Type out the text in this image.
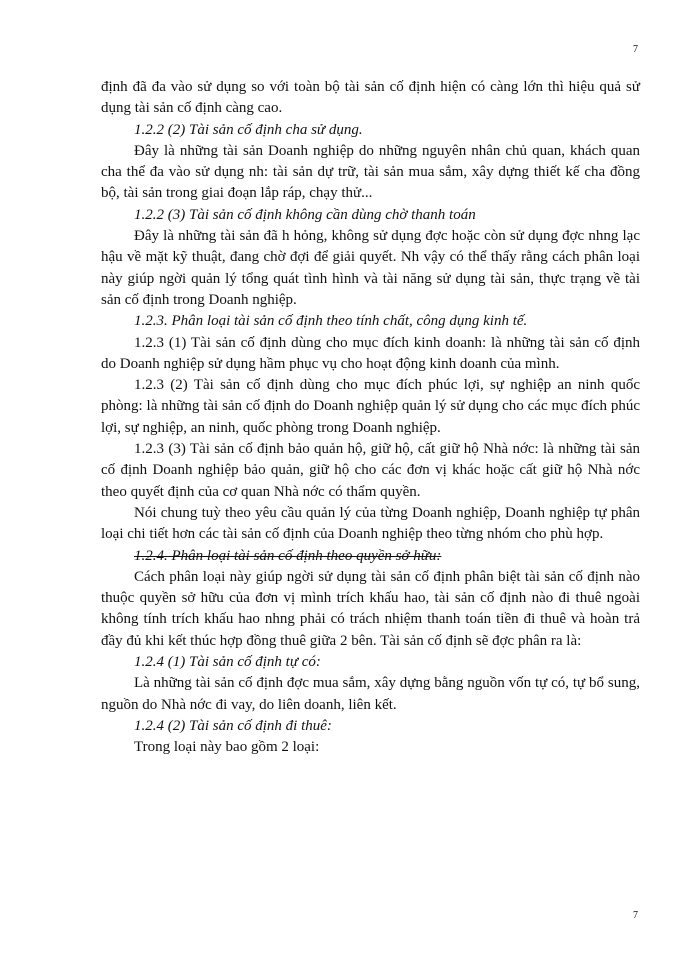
7

định đã đa vào sử dụng so với toàn bộ tài sản cố định hiện có càng lớn thì hiệu quả sử dụng tài sản cố định càng cao.

1.2.2 (2) Tài sản cố định cha sử dụng.

Đây là những tài sản Doanh nghiệp do những nguyên nhân chủ quan, khách quan cha thể đa vào sử dụng nh: tài sản dự trữ, tài sản mua sắm, xây dựng thiết kế cha đồng bộ, tài sản trong giai đoạn lắp ráp, chạy thử...

1.2.2 (3) Tài sản cố định không cần dùng chờ thanh toán

Đây là những tài sản đã h hỏng, không sử dụng đợc hoặc còn sử dụng đợc nhng lạc hậu về mặt kỹ thuật, đang chờ đợi để giải quyết. Nh vậy có thể thấy rằng cách phân loại này giúp ngời quản lý tổng quát tình hình và tài năng sử dụng tài sản, thực trạng về tài sản cố định trong Doanh nghiệp.

1.2.3. Phân loại tài sản cố định theo tính chất, công dụng kinh tế.

1.2.3 (1) Tài sản cố định dùng cho mục đích kinh doanh: là những tài sản cố định do Doanh nghiệp sử dụng hầm phục vụ cho hoạt động kinh doanh của mình.

1.2.3 (2) Tài sản cố định dùng cho mục đích phúc lợi, sự nghiệp an ninh quốc phòng: là những tài sản cố định do Doanh nghiệp quản lý sử dụng cho các mục đích phúc lợi, sự nghiệp, an ninh, quốc phòng trong Doanh nghiệp.

1.2.3 (3) Tài sản cố định bảo quản hộ, giữ hộ, cất giữ hộ Nhà nớc: là những tài sản cố định Doanh nghiệp bảo quản, giữ hộ cho các đơn vị khác hoặc cất giữ hộ Nhà nớc theo quyết định của cơ quan Nhà nớc có thẩm quyền.

Nói chung tuỳ theo yêu cầu quản lý của từng Doanh nghiệp, Doanh nghiệp tự phân loại chi tiết hơn các tài sản cố định của Doanh nghiệp theo từng nhóm cho phù hợp.

1.2.4. Phân loại tài sản cố định theo quyền sở hữu:

Cách phân loại này giúp ngời sử dụng tài sản cố định phân biệt tài sản cố định nào thuộc quyền sở hữu của đơn vị mình trích khấu hao, tài sản cố định nào đi thuê ngoài không tính trích khấu hao nhng phải có trách nhiệm thanh toán tiền đi thuê và hoàn trả đầy đủ khi kết thúc hợp đồng thuê giữa 2 bên. Tài sản cố định sẽ đợc phân ra là:

1.2.4 (1) Tài sản cố định tự có:

Là những tài sản cố định đợc mua sắm, xây dựng bằng nguồn vốn tự có, tự bổ sung, nguồn do Nhà nớc đi vay, do liên doanh, liên kết.

1.2.4 (2) Tài sản cố định đi thuê:

Trong loại này bao gồm 2 loại:

7
